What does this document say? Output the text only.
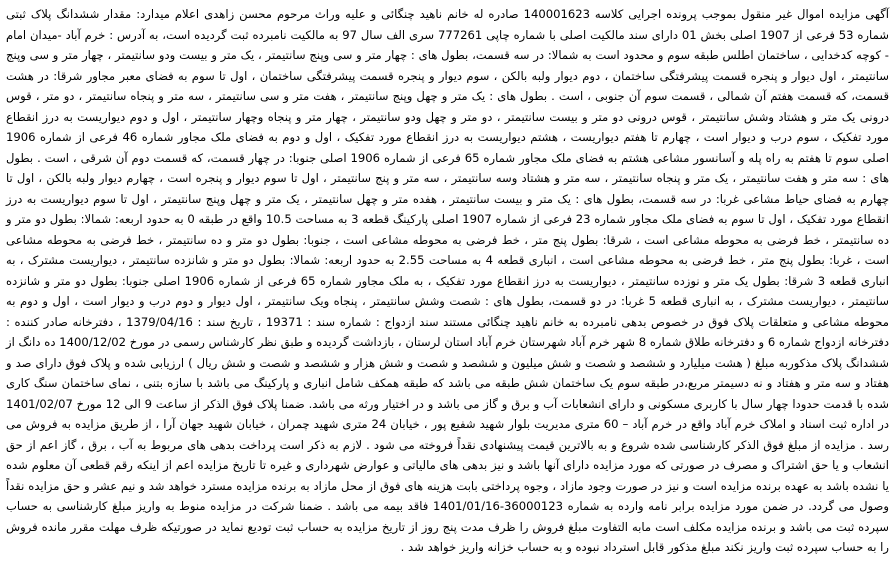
آگهی مزایده اموال غیر منقول بموجب پرونده اجرایی کلاسه 140001623 صادره له خانم ناهید چنگائی و علیه وراث مرحوم محسن زاهدی اعلام میدارد: مقدار ششدانگ پلاک ثبتی شماره 53 فرعی از 1907 اصلی بخش 01 دارای سند مالکیت اصلی با شماره چاپی 777261 سری الف سال 97 به مالکیت نامبرده ثبت گردیده است، به آدرس : خرم آباد -میدان امام - کوچه کدخدایی ، ساختمان اطلس طبقه سوم و محدود است به شمالا: در سه قسمت، بطول های : چهار متر و سی وپنج سانتیمتر ، یک متر و بیست ودو سانتیمتر ، چهار متر و سی وپنج سانتیمتر ، اول دیوار و پنجره قسمت پیشرفتگی ساختمان ، دوم دیوار ولبه بالکن ، سوم دیوار و پنجره قسمت پیشرفتگی ساختمان ، اول تا سوم به فضای معبر مجاور شرقا: در هشت قسمت، که قسمت هفتم آن شمالی ، قسمت سوم آن جنوبی ، است . بطول های : یک متر و چهل وپنج سانتیمتر ، هفت متر و سی سانتیمتر ، سه متر و پنجاه سانتیمتر ، دو متر ، قوس درونی یک متر و هشتاد وشش سانتیمتر ، قوس درونی دو متر و بیست سانتیمتر ، دو متر و چهل ودو سانتیمتر ، چهار متر و پنجاه وچهار سانتیمتر ، اول و دوم دیواریست به درز انقطاع مورد تفکیک ، سوم درب و دیوار است ، چهارم تا هفتم دیواریست ، هشتم دیواریست به درز انقطاع مورد تفکیک ، اول و دوم به فضای ملک مجاور شماره 46 فرعی از شماره 1906 اصلی سوم تا هفتم به راه پله و آسانسور مشاعی هشتم به فضای ملک مجاور شماره 65 فرعی از شماره 1906 اصلی جنوبا: در چهار قسمت، که قسمت دوم آن شرقی ، است . بطول های : سه متر و هفت سانتیمتر ، یک متر و پنجاه سانتیمتر ، سه متر و هشتاد وسه سانتیمتر ، سه متر و پنج سانتیمتر ، اول تا سوم دیوار و پنجره است ، چهارم دیوار ولبه بالکن ، اول تا چهارم به فضای حیاط مشاعی غربا: در سه قسمت، بطول های : یک متر و بیست سانتیمتر ، هفده متر و چهل سانتیمتر ، یک متر و چهل وپنج سانتیمتر ، اول تا سوم دیواریست به درز انقطاع مورد تفکیک ، اول تا سوم به فضای ملک مجاور شماره 23 فرعی از شماره 1907 اصلی پارکینگ قطعه 3 به مساحت 10.5 واقع در طبقه 0 به حدود اربعه: شمالا: بطول دو متر و ده سانتیمتر ، خط فرضی به محوطه مشاعی است ، شرقا: بطول پنج متر ، خط فرضی به محوطه مشاعی است ، جنوبا: بطول دو متر و ده سانتیمتر ، خط فرضی به محوطه مشاعی است ، غربا: بطول پنج متر ، خط فرضی به محوطه مشاعی است ، انباری قطعه 4 به مساحت 2.55 به حدود اربعه: شمالا: بطول دو متر و شانزده سانتیمتر ، دیواریست مشترک ، به انباری قطعه 3 شرقا: بطول یک متر و نوزده سانتیمتر ، دیواریست به درز انقطاع مورد تفکیک ، به ملک مجاور شماره 65 فرعی از شماره 1906 اصلی جنوبا: بطول دو متر و شانزده سانتیمتر ، دیواریست مشترک ، به انباری قطعه 5 غربا: در دو قسمت، بطول های : شصت وشش سانتیمتر ، پنجاه ویک سانتیمتر ، اول دیوار و دوم درب و دیوار است ، اول و دوم به محوطه مشاعی و متعلقات پلاک فوق در خصوص بدهی نامبرده به خانم ناهید چنگائی مستند سند ازدواج : شماره سند : 19371 ، تاریخ سند : 1379/04/16 ، دفترخانه صادر کننده : دفترخانه ازدواج شماره 6 و دفترخانه طلاق شماره 8 شهر خرم آباد شهرستان خرم آباد استان لرستان ، بازداشت گردیده و طبق نظر کارشناس رسمی در مورخ 1400/12/02 ده دانگ از ششدانگ پلاک مذکوربه مبلغ ( هشت میلیارد و ششصد و شصت و شش میلیون و ششصد و شصت و شش هزار و ششصد و شصت و شش ریال ) ارزیابی شده و پلاک فوق دارای صد و هفتاد و سه متر و هفتاد و نه دسیمتر مربع،در طبقه سوم یک ساختمان شش طبقه می باشد که طبقه همکف شامل انباری و پارکینگ می باشد با سازه بتنی ، نمای ساختمان سنگ کاری شده با قدمت حدودا چهار سال با کاربری مسکونی و دارای انشعابات آب و برق و گاز می باشد و در اختیار ورثه می باشد. ضمنا پلاک فوق الذکر از ساعت 9 الی 12 مورخ 1401/02/07 در اداره ثبت اسناد و املاک خرم آباد واقع در خرم آباد – 60 متری مدیریت بلوار شهید شفیع پور ، خیابان 24 متری شهید چمران ، خیابان شهید جهان آرا ، از طریق مزایده به فروش می رسد . مزایده از مبلغ فوق الذکر کارشناسی شده شروع و به بالاترین قیمت پیشنهادی نقداً فروخته می شود . لازم به ذکر است پرداخت بدهی های مربوط به آب ، برق ، گاز اعم از حق انشعاب و یا حق اشتراک و مصرف در صورتی که مورد مزایده دارای آنها باشد و نیز بدهی های مالیاتی و عوارض شهرداری و غیره تا تاریخ مزایده اعم از اینکه رقم قطعی آن معلوم شده یا نشده باشد به عهده برنده مزایده است و نیز در صورت وجود مازاد ، وجوه پرداختی بابت هزینه های فوق از محل مازاد به برنده مزایده مسترد خواهد شد و نیم عشر و حق مزایده نقداً وصول می گردد. در ضمن مورد مزایده برابر نامه وارده به شماره 36000123-1401/01/16 فاقد بیمه می باشد . ضمنا شرکت در مزایده منوط به واریز مبلغ کارشناسی به حساب سپرده ثبت می باشد و برنده مزایده مکلف است مابه التفاوت مبلغ فروش را ظرف مدت پنج روز از تاریخ مزایده به حساب ثبت تودیع نماید در صورتیکه ظرف مهلت مقرر مانده فروش را به حساب سپرده ثبت واریز نکند مبلغ مذکور قابل استرداد نبوده و به حساب خزانه واریز خواهد شد .
